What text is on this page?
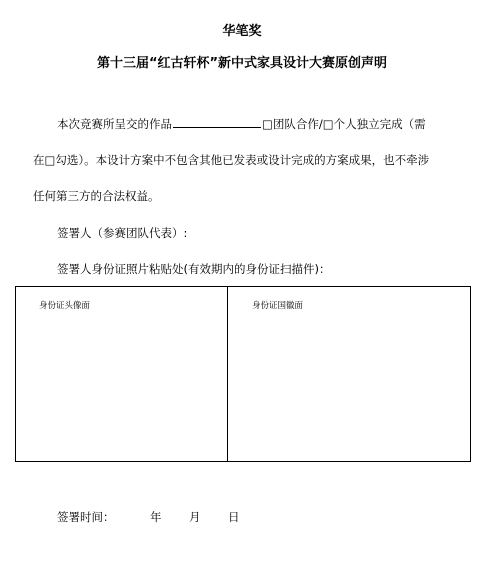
华笔奖
第十三届“红古轩杯”新中式家具设计大赛原创声明
本次竞赛所呈交的作品	□团队合作/□个人独立完成（需
在□勾选）。本设计方案中不包含其他已发表或设计完成的方案成果，也不牵涉
任何第三方的合法权益。
签署人（参赛团队代表）:
签署人身份证照片粘贴处(有效期内的身份证扫描件)：
身份证头像面	身份证国徽面
签署时间：	年 月 日
